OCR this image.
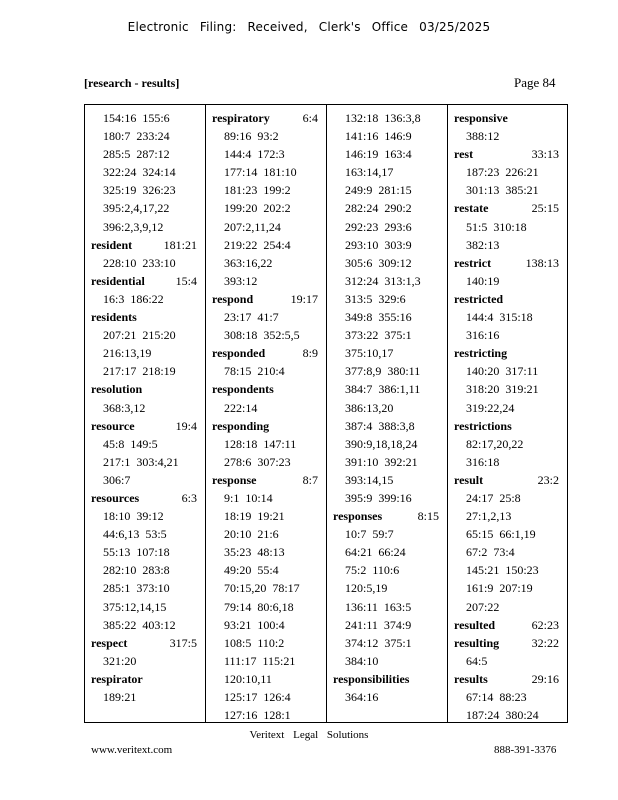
Electronic Filing: Received, Clerk's Office 03/25/2025
[research - results]	Page 84
154:16 155:6
180:7 233:24
285:5 287:12
322:24 324:14
325:19 326:23
395:2,4,17,22
396:2,3,9,12
resident	181:21
228:10 233:10
residential	15:4
16:3 186:22
residents
207:21 215:20
216:13,19
217:17 218:19
resolution
368:3,12
resource	19:4
45:8 149:5
217:1 303:4,21
306:7
resources	6:3
18:10 39:12
44:6,13 53:5
55:13 107:18
282:10 283:8
285:1 373:10
375:12,14,15
385:22 403:12
respect	317:5
321:20
respirator
189:21
respiratory	6:4
89:16 93:2
144:4 172:3
177:14 181:10
181:23 199:2
199:20 202:2
207:2,11,24
219:22 254:4
363:16,22
393:12
respond	19:17
23:17 41:7
308:18 352:5,5
responded	8:9
78:15 210:4
respondents
222:14
responding
128:18 147:11
278:6 307:23
response	8:7
9:1 10:14
18:19 19:21
20:10 21:6
35:23 48:13
49:20 55:4
70:15,20 78:17
79:14 80:6,18
93:21 100:4
108:5 110:2
111:17 115:21
120:10,11
125:17 126:4
127:16 128:1
132:18 136:3,8
141:16 146:9
146:19 163:4
163:14,17
249:9 281:15
282:24 290:2
292:23 293:6
293:10 303:9
305:6 309:12
312:24 313:1,3
313:5 329:6
349:8 355:16
373:22 375:1
375:10,17
377:8,9 380:11
384:7 386:1,11
386:13,20
387:4 388:3,8
390:9,18,18,24
391:10 392:21
393:14,15
395:9 399:16
responses	8:15
10:7 59:7
64:21 66:24
75:2 110:6
120:5,19
136:11 163:5
241:11 374:9
374:12 375:1
384:10
responsibilities
364:16
responsive
388:12
rest	33:13
187:23 226:21
301:13 385:21
restate	25:15
51:5 310:18
382:13
restrict	138:13
140:19
restricted
144:4 315:18
316:16
restricting
140:20 317:11
318:20 319:21
319:22,24
restrictions
82:17,20,22
316:18
result	23:2
24:17 25:8
27:1,2,13
65:15 66:1,19
67:2 73:4
145:21 150:23
161:9 207:19
207:22
resulted	62:23
resulting	32:22
64:5
results	29:16
67:14 88:23
187:24 380:24
Veritext Legal Solutions
www.veritext.com	888-391-3376
